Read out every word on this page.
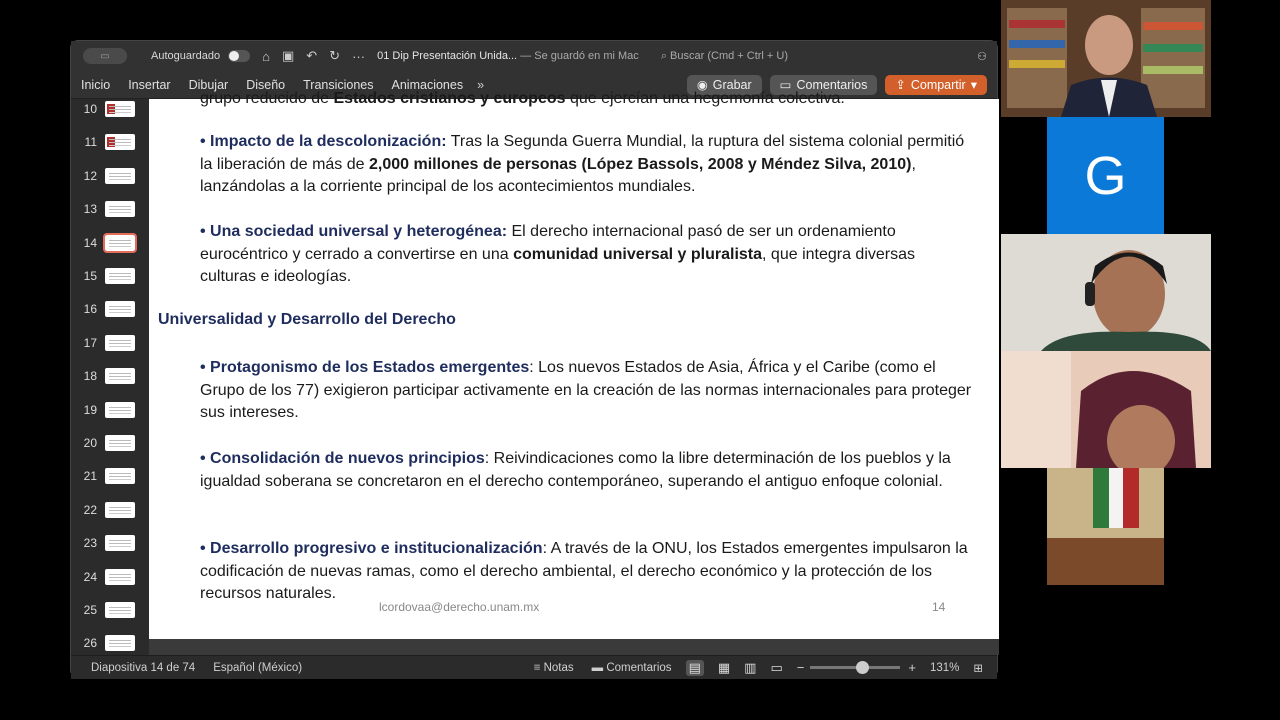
▭	Autoguardado	⌂ ▣ ↶ ↻ ··· 01 Dip Presentación Unida... — Se guardó en mi Mac ⌕ Buscar (Cmd + Ctrl + U)	⚇
Inicio Insertar Dibujar Diseño Transiciones Animaciones »	◉ Grabar ▭ Comentarios ⇪ Compartir ▾
10
11
12
13
14
15
16
17
18
19
20
21
22
23
24
25
26
grupo reducido de Estados cristianos y europeos que ejercían una hegemonía colectiva.
• Impacto de la descolonización: Tras la Segunda Guerra Mundial, la ruptura del sistema colonial permitió la liberación de más de 2,000 millones de personas (López Bassols, 2008 y Méndez Silva, 2010), lanzándolas a la corriente principal de los acontecimientos mundiales.
• Una sociedad universal y heterogénea: El derecho internacional pasó de ser un ordenamiento eurocéntrico y cerrado a convertirse en una comunidad universal y pluralista, que integra diversas culturas e ideologías.
Universalidad y Desarrollo del Derecho
• Protagonismo de los Estados emergentes: Los nuevos Estados de Asia, África y el Caribe (como el Grupo de los 77) exigieron participar activamente en la creación de las normas internacionales para proteger sus intereses.
• Consolidación de nuevos principios: Reivindicaciones como la libre determinación de los pueblos y la igualdad soberana se concretaron en el derecho contemporáneo, superando el antiguo enfoque colonial.
• Desarrollo progresivo e institucionalización: A través de la ONU, los Estados emergentes impulsaron la codificación de nuevas ramas, como el derecho ambiental, el derecho económico y la protección de los recursos naturales.
lcordovaa@derecho.unam.mx	14
Diapositiva 14 de 74 Español (México)	≡ Notas ▬ Comentarios ▤ ▦ ▥ ▭ −	+ 131% ⊞
G
